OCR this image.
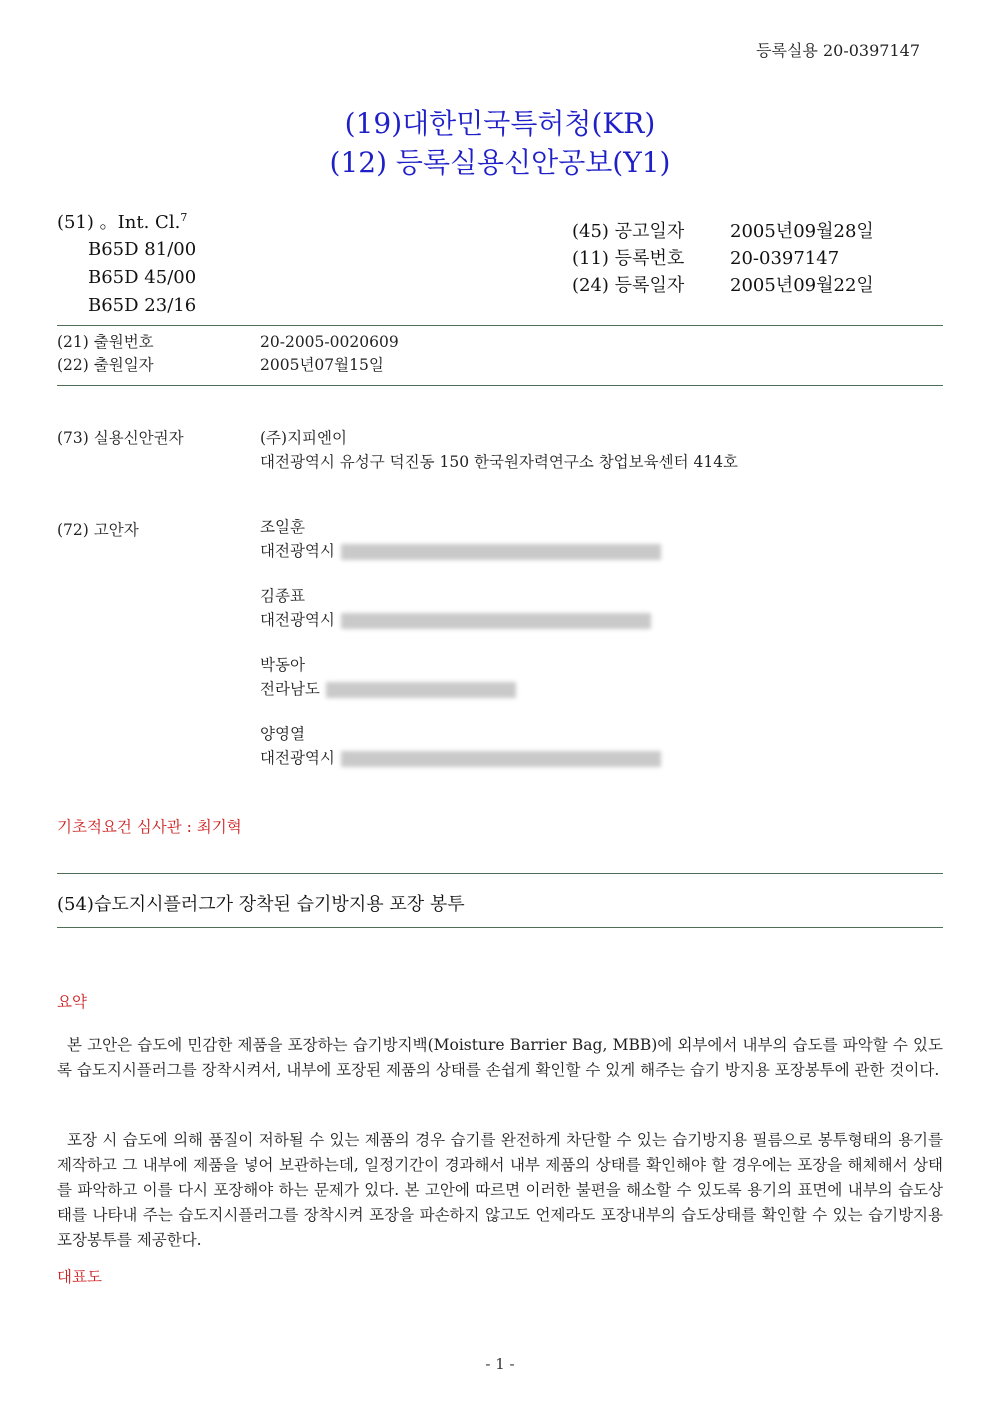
등록실용 20-0397147
(19)대한민국특허청(KR)
(12) 등록실용신안공보(Y1)
(51) 。Int. Cl.$^7$
B65D 81/00
B65D 45/00
B65D 23/16
(45) 공고일자	2005년09월28일
(11) 등록번호	20-0397147
(24) 등록일자	2005년09월22일
(21) 출원번호	20-2005-0020609
(22) 출원일자	2005년07월15일
(73) 실용신안권자	(주)지피엔이
대전광역시 유성구 덕진동 150 한국원자력연구소 창업보육센터 414호
(72) 고안자	조일훈
대전광역시
김종표
대전광역시
박동아
전라남도
양영열
대전광역시
기초적요건 심사관 : 최기혁
(54)습도지시플러그가 장착된 습기방지용 포장 봉투
요약

본 고안은 습도에 민감한 제품을 포장하는 습기방지백(Moisture Barrier Bag, MBB)에 외부에서 내부의 습도를 파악할 수 있도록 습도지시플러그를 장착시켜서, 내부에 포장된 제품의 상태를 손쉽게 확인할 수 있게 해주는 습기 방지용 포장봉투에 관한 것이다.

포장 시 습도에 의해 품질이 저하될 수 있는 제품의 경우 습기를 완전하게 차단할 수 있는 습기방지용 필름으로 봉투형태의 용기를 제작하고 그 내부에 제품을 넣어 보관하는데, 일정기간이 경과해서 내부 제품의 상태를 확인해야 할 경우에는 포장을 해체해서 상태를 파악하고 이를 다시 포장해야 하는 문제가 있다. 본 고안에 따르면 이러한 불편을 해소할 수 있도록 용기의 표면에 내부의 습도상태를 나타내 주는 습도지시플러그를 장착시켜 포장을 파손하지 않고도 언제라도 포장내부의 습도상태를 확인할 수 있는 습기방지용 포장봉투를 제공한다.

대표도
- 1 -
